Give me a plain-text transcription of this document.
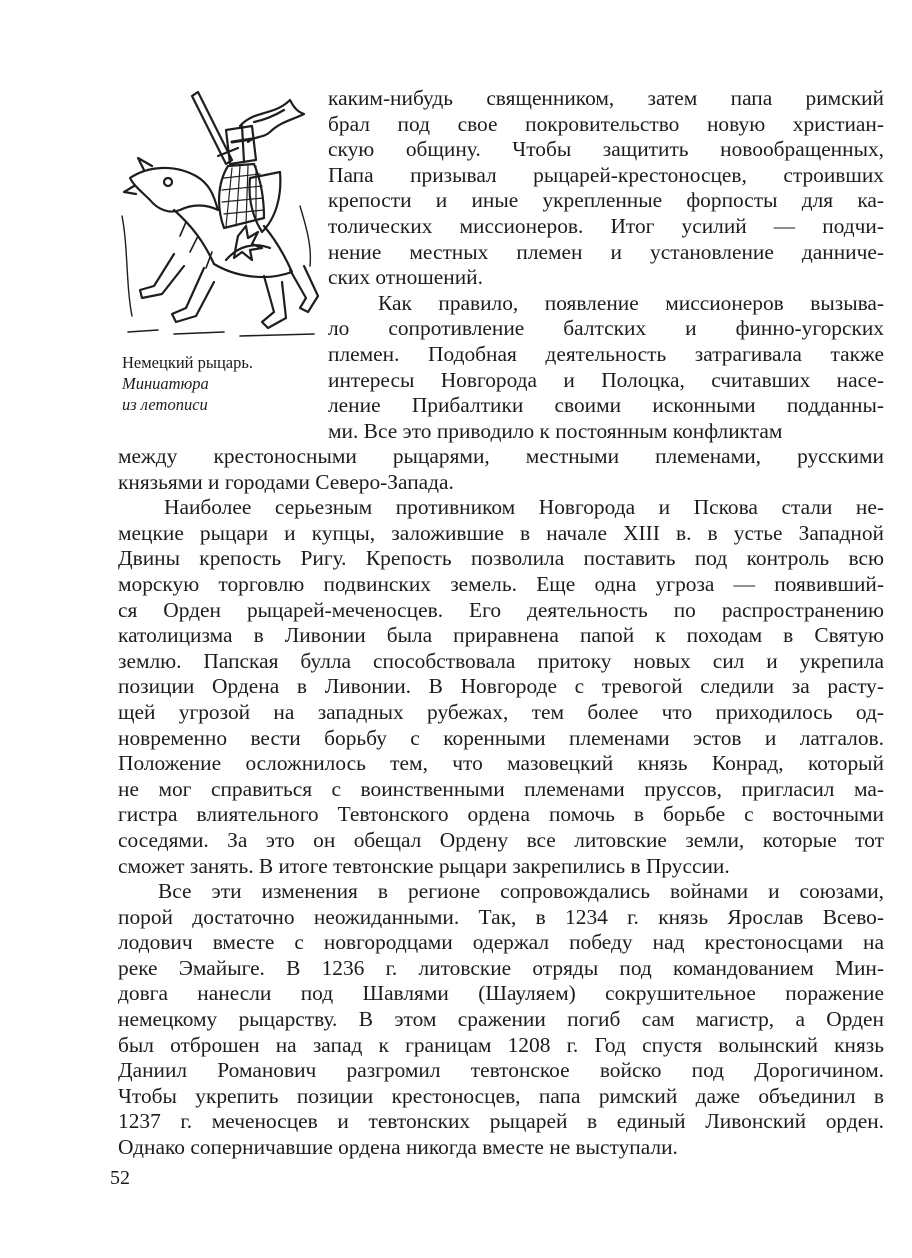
Немецкий рыцарь.
Миниатюра
из летописи
каким-нибудь священником, затем папа римский
брал под свое покровительство новую христиан-
скую общину. Чтобы защитить новообращенных,
Папа призывал рыцарей-крестоносцев, строивших
крепости и иные укрепленные форпосты для ка-
толических миссионеров. Итог усилий — подчи-
нение местных племен и установление данниче-
ских отношений.
Как правило, появление миссионеров вызыва-
ло сопротивление балтских и финно-угорских
племен. Подобная деятельность затрагивала также
интересы Новгорода и Полоцка, считавших насе-
ление Прибалтики своими исконными подданны-
ми. Все это приводило к постоянным конфликтам
между крестоносными рыцарями, местными племенами, русскими
князьями и городами Северо-Запада.
Наиболее серьезным противником Новгорода и Пскова стали не-
мецкие рыцари и купцы, заложившие в начале XIII в. в устье Западной
Двины крепость Ригу. Крепость позволила поставить под контроль всю
морскую торговлю подвинских земель. Еще одна угроза — появивший-
ся Орден рыцарей-меченосцев. Его деятельность по распространению
католицизма в Ливонии была приравнена папой к походам в Святую
землю. Папская булла способствовала притоку новых сил и укрепила
позиции Ордена в Ливонии. В Новгороде с тревогой следили за расту-
щей угрозой на западных рубежах, тем более что приходилось од-
новременно вести борьбу с коренными племенами эстов и латгалов.
Положение осложнилось тем, что мазовецкий князь Конрад, который
не мог справиться с воинственными племенами пруссов, пригласил ма-
гистра влиятельного Тевтонского ордена помочь в борьбе с восточными
соседями. За это он обещал Ордену все литовские земли, которые тот
сможет занять. В итоге тевтонские рыцари закрепились в Пруссии.
Все эти изменения в регионе сопровождались войнами и союзами,
порой достаточно неожиданными. Так, в 1234 г. князь Ярослав Всево-
лодович вместе с новгородцами одержал победу над крестоносцами на
реке Эмайыге. В 1236 г. литовские отряды под командованием Мин-
довга нанесли под Шавлями (Шауляем) сокрушительное поражение
немецкому рыцарству. В этом сражении погиб сам магистр, а Орден
был отброшен на запад к границам 1208 г. Год спустя волынский князь
Даниил Романович разгромил тевтонское войско под Дорогичином.
Чтобы укрепить позиции крестоносцев, папа римский даже объединил в
1237 г. меченосцев и тевтонских рыцарей в единый Ливонский орден.
Однако соперничавшие ордена никогда вместе не выступали.
52
